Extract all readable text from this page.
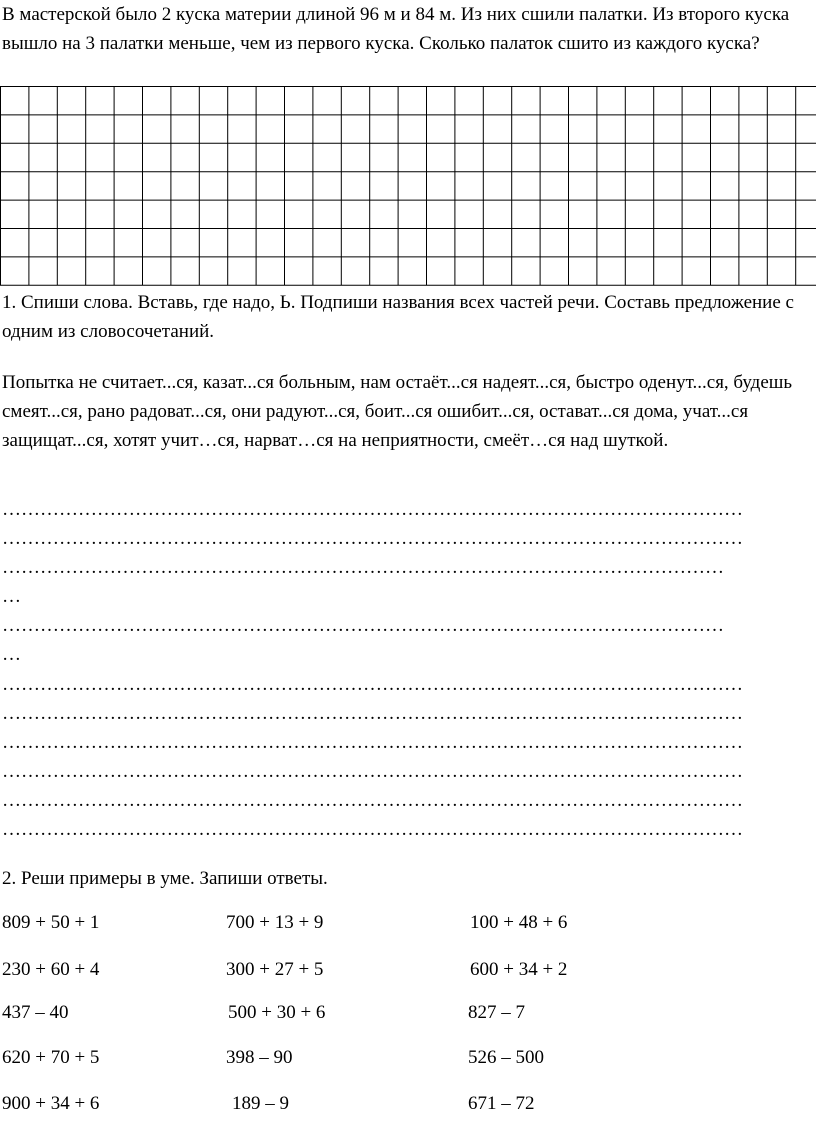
В мастерской было 2 куска материи длиной 96 м и 84 м. Из них сшили палатки. Из второго куска вышло на 3 палатки меньше, чем из первого куска. Сколько палаток сшито из каждого куска?

1. Спиши слова. Вставь, где надо, Ь. Подпиши названия всех частей речи. Составь предложение с одним из словосочетаний.

Попытка не считает...ся, казат...ся больным, нам остаёт...ся надеят...ся, быстро оденут...ся, будешь смеят...ся, рано радоват...ся, они радуют...ся, боит...ся ошибит...ся, остават...ся дома, учат...ся защищат...ся, хотят учит…ся, нарват…ся на неприятности, смеёт…ся над шуткой.

………………………………………………………………………………………………………
………………………………………………………………………………………………………
……………………………………………………………………………………………………
…
……………………………………………………………………………………………………
…
………………………………………………………………………………………………………
………………………………………………………………………………………………………
………………………………………………………………………………………………………
………………………………………………………………………………………………………
………………………………………………………………………………………………………
………………………………………………………………………………………………………

2. Реши примеры в уме. Запиши ответы.

809 + 50 + 1	700 + 13 + 9	100 + 48 + 6
230 + 60 + 4	300 + 27 + 5	600 + 34 + 2
437 – 40	500 + 30 + 6	827 – 7
620 + 70 + 5	398 – 90	526 – 500
900 + 34 + 6	189 – 9	671 – 72
